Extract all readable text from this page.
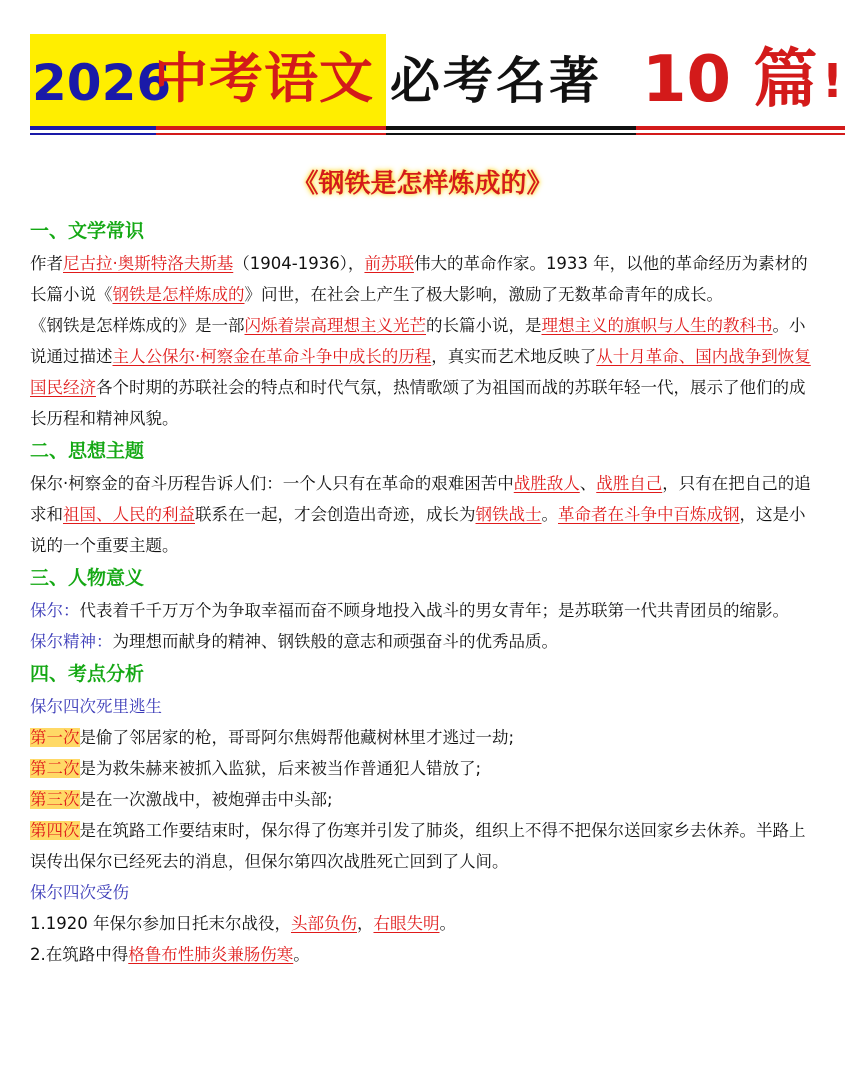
2026
中考语文 必考名著 10 篇 !
《钢铁是怎样炼成的》
一、文学常识

作者尼古拉·奥斯特洛夫斯基（1904-1936），前苏联伟大的革命作家。1933 年，以他的革命经历为素材的长篇小说《钢铁是怎样炼成的》问世，在社会上产生了极大影响，激励了无数革命青年的成长。

《钢铁是怎样炼成的》是一部闪烁着崇高理想主义光芒的长篇小说，是理想主义的旗帜与人生的教科书。小说通过描述主人公保尔·柯察金在革命斗争中成长的历程，真实而艺术地反映了从十月革命、国内战争到恢复国民经济各个时期的苏联社会的特点和时代气氛，热情歌颂了为祖国而战的苏联年轻一代，展示了他们的成长历程和精神风貌。

二、思想主题

保尔·柯察金的奋斗历程告诉人们：一个人只有在革命的艰难困苦中战胜敌人、战胜自己，只有在把自己的追求和祖国、人民的利益联系在一起，才会创造出奇迹，成长为钢铁战士。革命者在斗争中百炼成钢，这是小说的一个重要主题。

三、人物意义

保尔：代表着千千万万个为争取幸福而奋不顾身地投入战斗的男女青年；是苏联第一代共青团员的缩影。

保尔精神：为理想而献身的精神、钢铁般的意志和顽强奋斗的优秀品质。

四、考点分析
保尔四次死里逃生

第一次是偷了邻居家的枪，哥哥阿尔焦姆帮他藏树林里才逃过一劫;

第二次是为救朱赫来被抓入监狱，后来被当作普通犯人错放了;

第三次是在一次激战中，被炮弹击中头部;

第四次是在筑路工作要结束时，保尔得了伤寒并引发了肺炎，组织上不得不把保尔送回家乡去休养。半路上误传出保尔已经死去的消息，但保尔第四次战胜死亡回到了人间。

保尔四次受伤

1.1920 年保尔参加日托末尔战役，头部负伤，右眼失明。

2.在筑路中得格鲁布性肺炎兼肠伤寒。
